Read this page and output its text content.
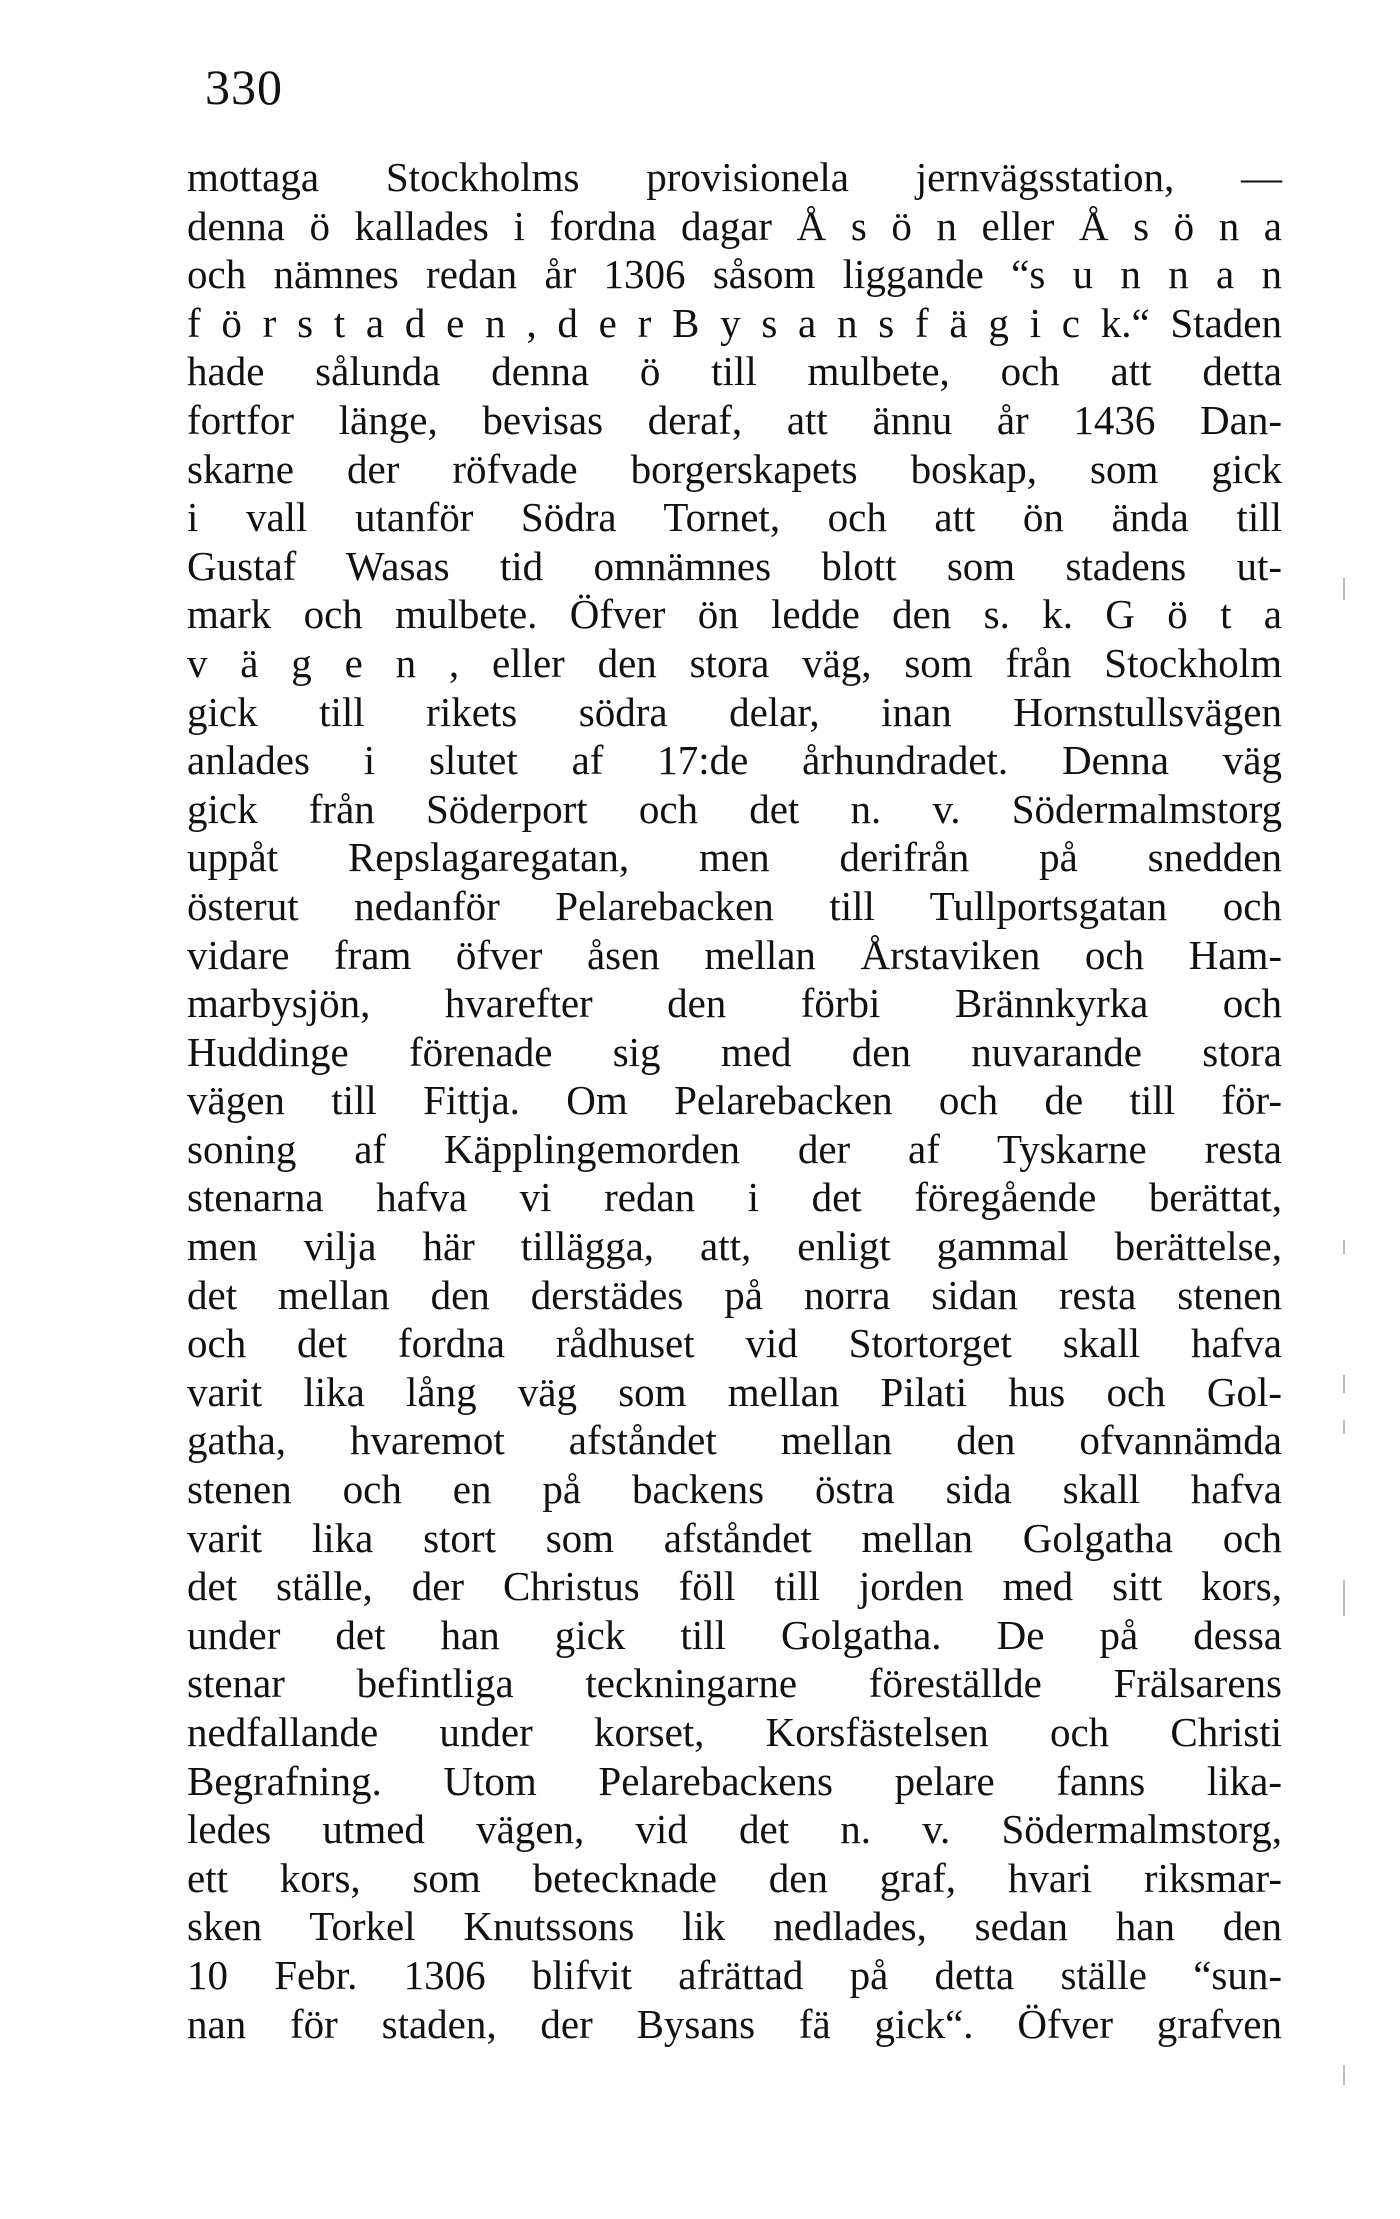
330
mottaga Stockholms provisionela jernvägsstation, —
denna ö kallades i fordna dagar Å s ö n eller Å s ö n a
och nämnes redan år 1306 såsom liggande “s u n n a n
f ö r s t a d e n , d e r B y s a n s f ä g i c k.“ Staden
hade sålunda denna ö till mulbete, och att detta
fortfor länge, bevisas deraf, att ännu år 1436 Dan-
skarne der röfvade borgerskapets boskap, som gick
i vall utanför Södra Tornet, och att ön ända till
Gustaf Wasas tid omnämnes blott som stadens ut-
mark och mulbete. Öfver ön ledde den s. k. G ö t a
v ä g e n , eller den stora väg, som från Stockholm
gick till rikets södra delar, inan Hornstullsvägen
anlades i slutet af 17:de århundradet. Denna väg
gick från Söderport och det n. v. Södermalmstorg
uppåt Repslagaregatan, men derifrån på snedden
österut nedanför Pelarebacken till Tullportsgatan och
vidare fram öfver åsen mellan Årstaviken och Ham-
marbysjön, hvarefter den förbi Brännkyrka och
Huddinge förenade sig med den nuvarande stora
vägen till Fittja. Om Pelarebacken och de till för-
soning af Käpplingemorden der af Tyskarne resta
stenarna hafva vi redan i det föregående berättat,
men vilja här tillägga, att, enligt gammal berättelse,
det mellan den derstädes på norra sidan resta stenen
och det fordna rådhuset vid Stortorget skall hafva
varit lika lång väg som mellan Pilati hus och Gol-
gatha, hvaremot afståndet mellan den ofvannämda
stenen och en på backens östra sida skall hafva
varit lika stort som afståndet mellan Golgatha och
det ställe, der Christus föll till jorden med sitt kors,
under det han gick till Golgatha. De på dessa
stenar befintliga teckningarne föreställde Frälsarens
nedfallande under korset, Korsfästelsen och Christi
Begrafning. Utom Pelarebackens pelare fanns lika-
ledes utmed vägen, vid det n. v. Södermalmstorg,
ett kors, som betecknade den graf, hvari riksmar-
sken Torkel Knutssons lik nedlades, sedan han den
10 Febr. 1306 blifvit afrättad på detta ställe “sun-
nan för staden, der Bysans fä gick“. Öfver grafven
